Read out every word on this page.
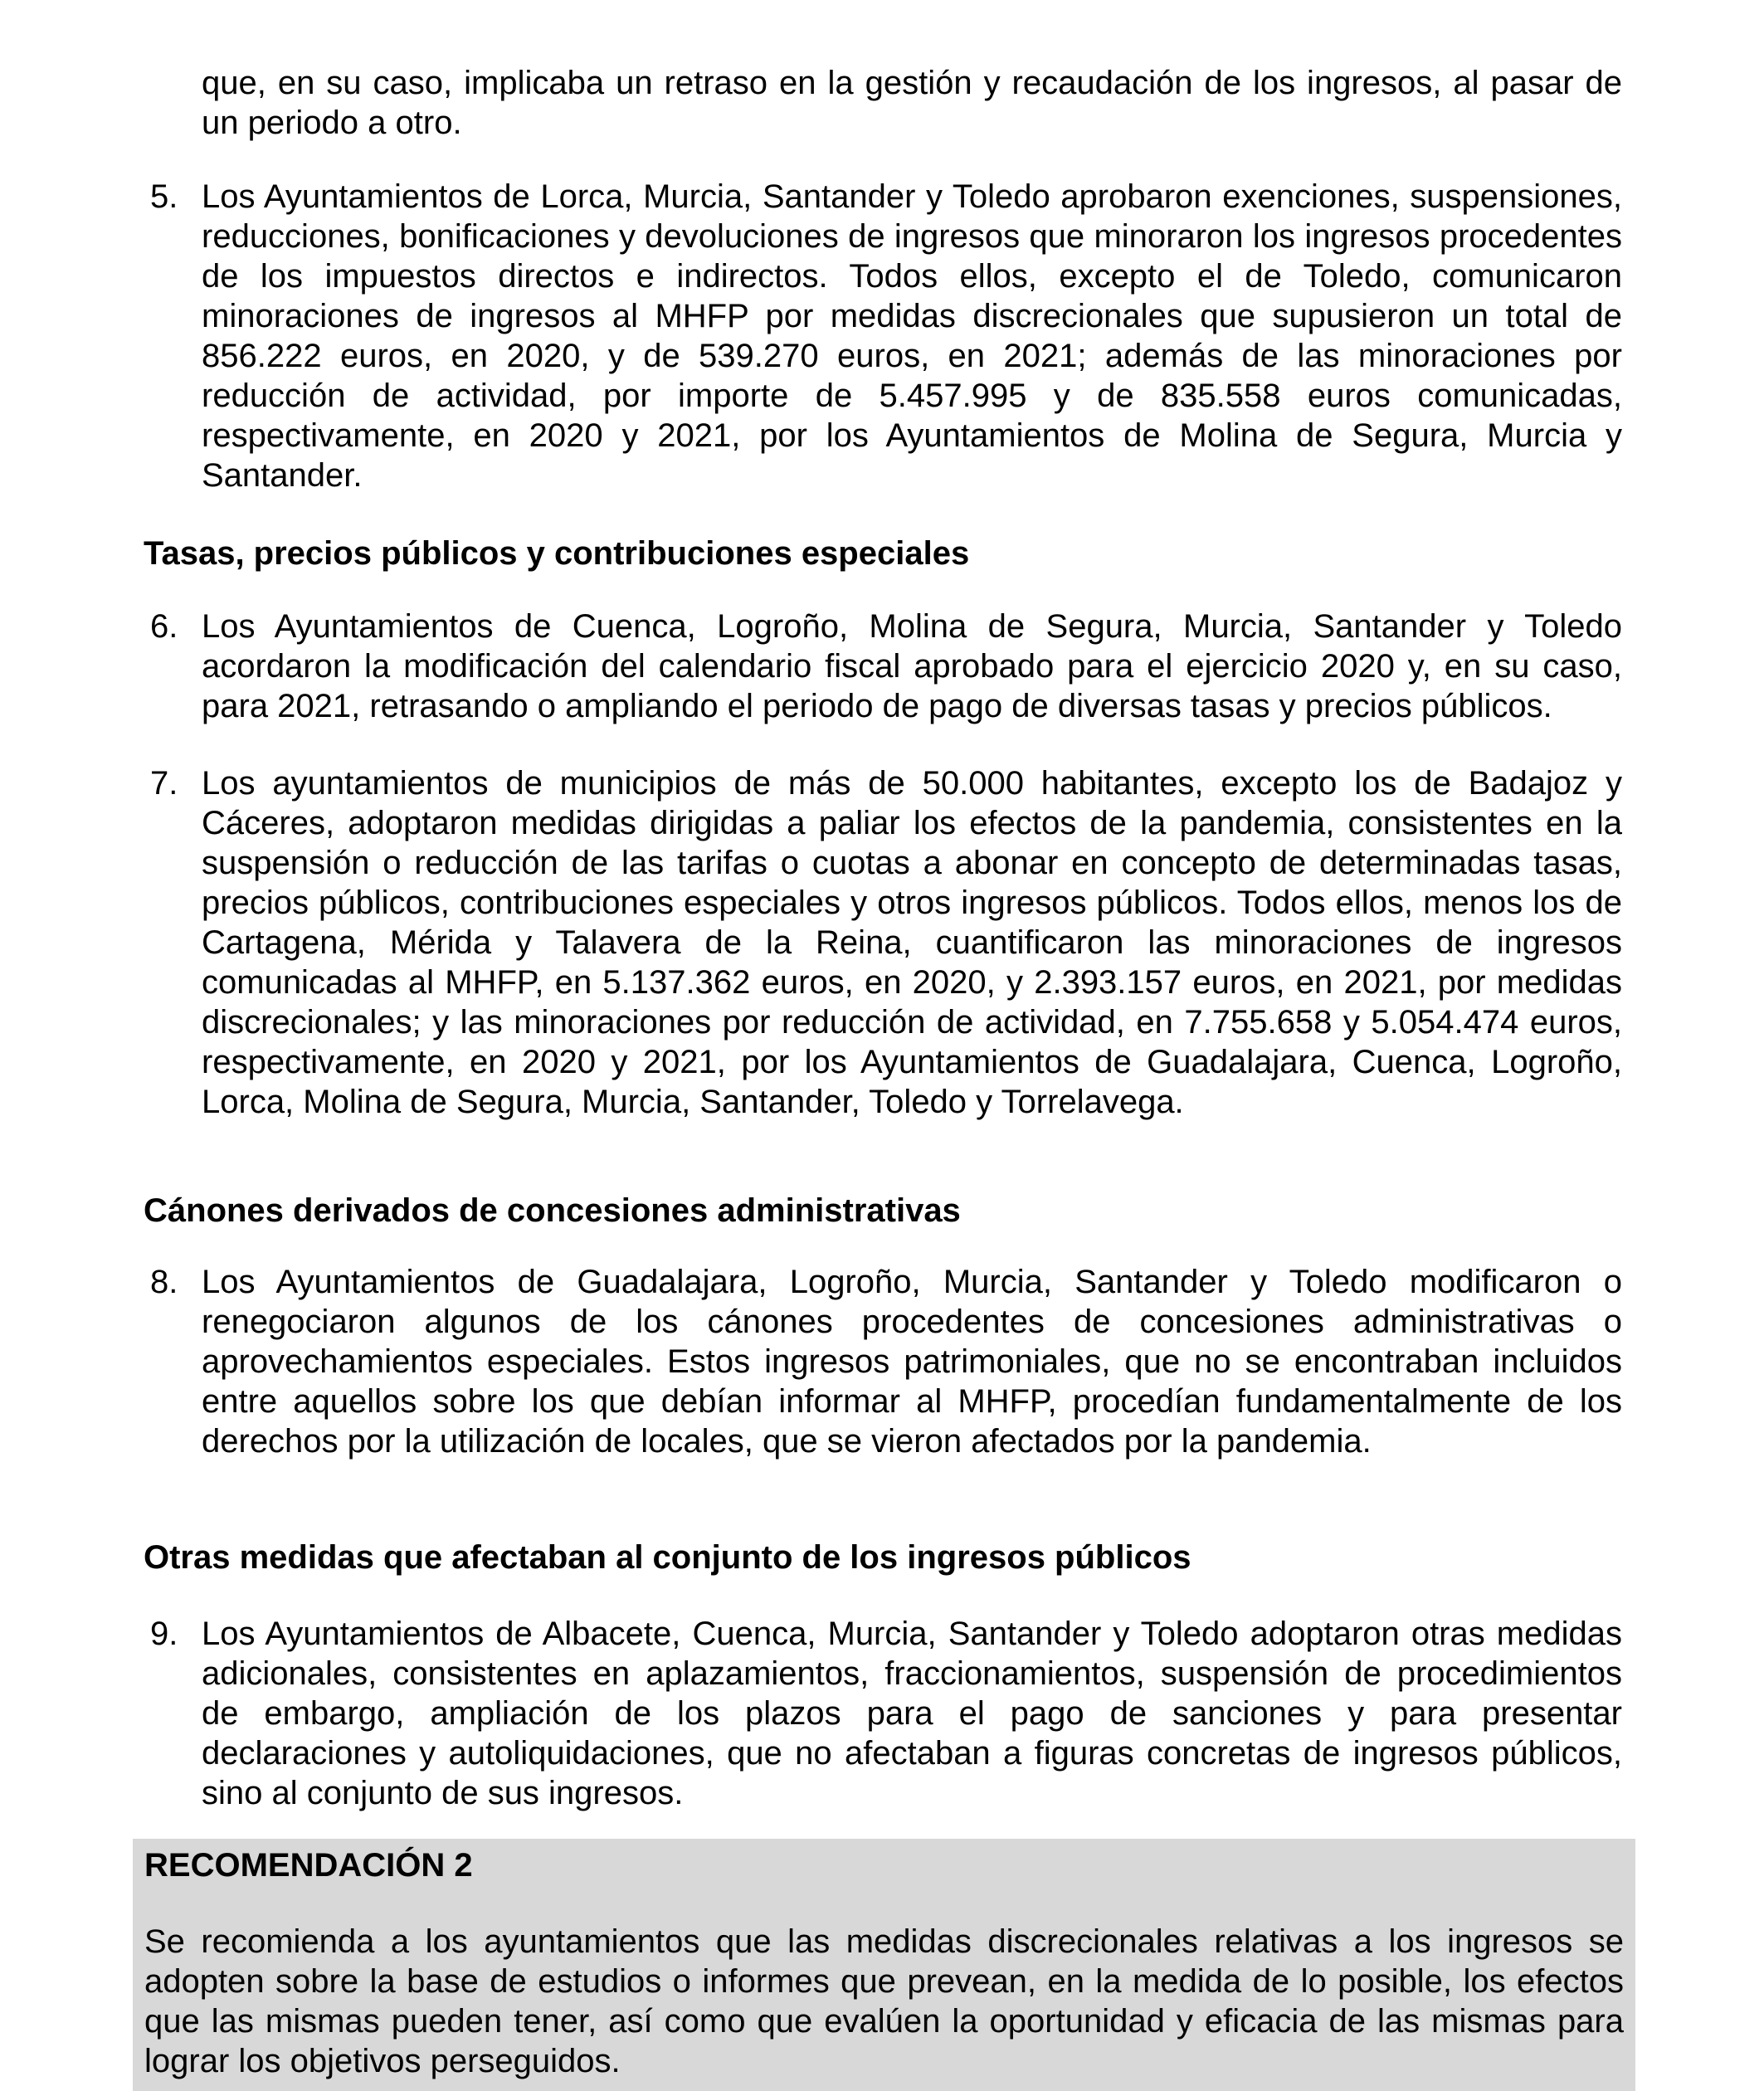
que, en su caso, implicaba un retraso en la gestión y recaudación de los ingresos, al pasar de un periodo a otro.

5. Los Ayuntamientos de Lorca, Murcia, Santander y Toledo aprobaron exenciones, suspensiones, reducciones, bonificaciones y devoluciones de ingresos que minoraron los ingresos procedentes de los impuestos directos e indirectos. Todos ellos, excepto el de Toledo, comunicaron minoraciones de ingresos al MHFP por medidas discrecionales que supusieron un total de 856.222 euros, en 2020, y de 539.270 euros, en 2021; además de las minoraciones por reducción de actividad, por importe de 5.457.995 y de 835.558 euros comunicadas, respectivamente, en 2020 y 2021, por los Ayuntamientos de Molina de Segura, Murcia y Santander.
Tasas, precios públicos y contribuciones especiales
6. Los Ayuntamientos de Cuenca, Logroño, Molina de Segura, Murcia, Santander y Toledo acordaron la modificación del calendario fiscal aprobado para el ejercicio 2020 y, en su caso, para 2021, retrasando o ampliando el periodo de pago de diversas tasas y precios públicos.
7. Los ayuntamientos de municipios de más de 50.000 habitantes, excepto los de Badajoz y Cáceres, adoptaron medidas dirigidas a paliar los efectos de la pandemia, consistentes en la suspensión o reducción de las tarifas o cuotas a abonar en concepto de determinadas tasas, precios públicos, contribuciones especiales y otros ingresos públicos. Todos ellos, menos los de Cartagena, Mérida y Talavera de la Reina, cuantificaron las minoraciones de ingresos comunicadas al MHFP, en 5.137.362 euros, en 2020, y 2.393.157 euros, en 2021, por medidas discrecionales; y las minoraciones por reducción de actividad, en 7.755.658 y 5.054.474 euros, respectivamente, en 2020 y 2021, por los Ayuntamientos de Guadalajara, Cuenca, Logroño, Lorca, Molina de Segura, Murcia, Santander, Toledo y Torrelavega.
Cánones derivados de concesiones administrativas
8. Los Ayuntamientos de Guadalajara, Logroño, Murcia, Santander y Toledo modificaron o renegociaron algunos de los cánones procedentes de concesiones administrativas o aprovechamientos especiales. Estos ingresos patrimoniales, que no se encontraban incluidos entre aquellos sobre los que debían informar al MHFP, procedían fundamentalmente de los derechos por la utilización de locales, que se vieron afectados por la pandemia.
Otras medidas que afectaban al conjunto de los ingresos públicos
9. Los Ayuntamientos de Albacete, Cuenca, Murcia, Santander y Toledo adoptaron otras medidas adicionales, consistentes en aplazamientos, fraccionamientos, suspensión de procedimientos de embargo, ampliación de los plazos para el pago de sanciones y para presentar declaraciones y autoliquidaciones, que no afectaban a figuras concretas de ingresos públicos, sino al conjunto de sus ingresos.
RECOMENDACIÓN 2

Se recomienda a los ayuntamientos que las medidas discrecionales relativas a los ingresos se adopten sobre la base de estudios o informes que prevean, en la medida de lo posible, los efectos que las mismas pueden tener, así como que evalúen la oportunidad y eficacia de las mismas para lograr los objetivos perseguidos.
